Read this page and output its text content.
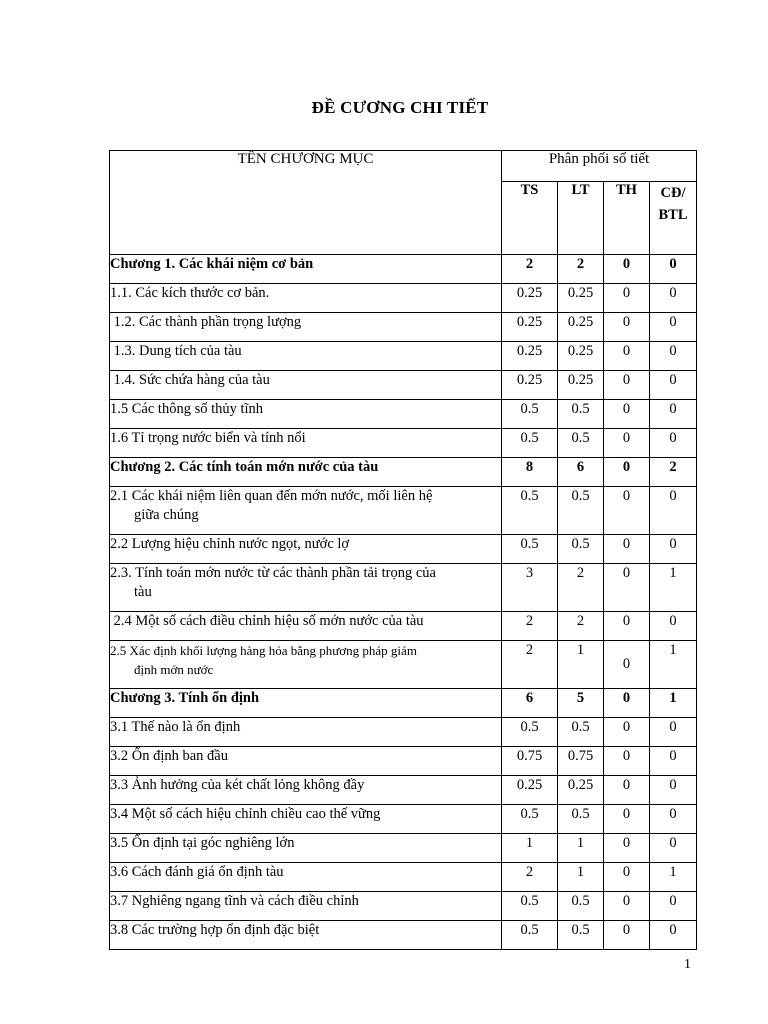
ĐỀ CƯƠNG CHI TIẾT
TÊN CHƯƠNG MỤC	Phân phối số tiết			
	TS	LT	TH	CĐ/BTL

Chương 1. Các khái niệm cơ bản	2	2	0	0

1.1. Các kích thước cơ bản.	0.25	0.25	0	0

1.2. Các thành phần trọng lượng	0.25	0.25	0	0

1.3. Dung tích của tàu	0.25	0.25	0	0

1.4. Sức chứa hàng của tàu	0.25	0.25	0	0

1.5 Các thông số thủy tĩnh	0.5	0.5	0	0

1.6 Tỉ trọng nước biển và tính nổi	0.5	0.5	0	0

Chương 2. Các tính toán mớn nước của tàu	8	6	0	2

2.1 Các khái niệm liên quan đến mớn nước, mối liên hệ
giữa chúng	0.5	0.5	0	0

2.2 Lượng hiệu chỉnh nước ngọt, nước lợ	0.5	0.5	0	0

2.3. Tính toán mớn nước từ các thành phần tải trọng của
tàu	3	2	0	1

2.4 Một số cách điều chỉnh hiệu số mớn nước của tàu	2	2	0	0

2.5 Xác định khối lượng hàng hóa bằng phương pháp giám
định mớn nước	2	1	0	1

Chương 3. Tính ổn định	6	5	0	1

3.1 Thế nào là ổn định	0.5	0.5	0	0

3.2 Ổn định ban đầu	0.75	0.75	0	0

3.3 Ảnh hưởng của két chất lỏng không đầy	0.25	0.25	0	0

3.4 Một số cách hiệu chỉnh chiều cao thế vững	0.5	0.5	0	0

3.5 Ổn định tại góc nghiêng lớn	1	1	0	0

3.6 Cách đánh giá ổn định tàu	2	1	0	1

3.7 Nghiêng ngang tĩnh và cách điều chỉnh	0.5	0.5	0	0

3.8 Các trường hợp ổn định đặc biệt	0.5	0.5	0	0
1
